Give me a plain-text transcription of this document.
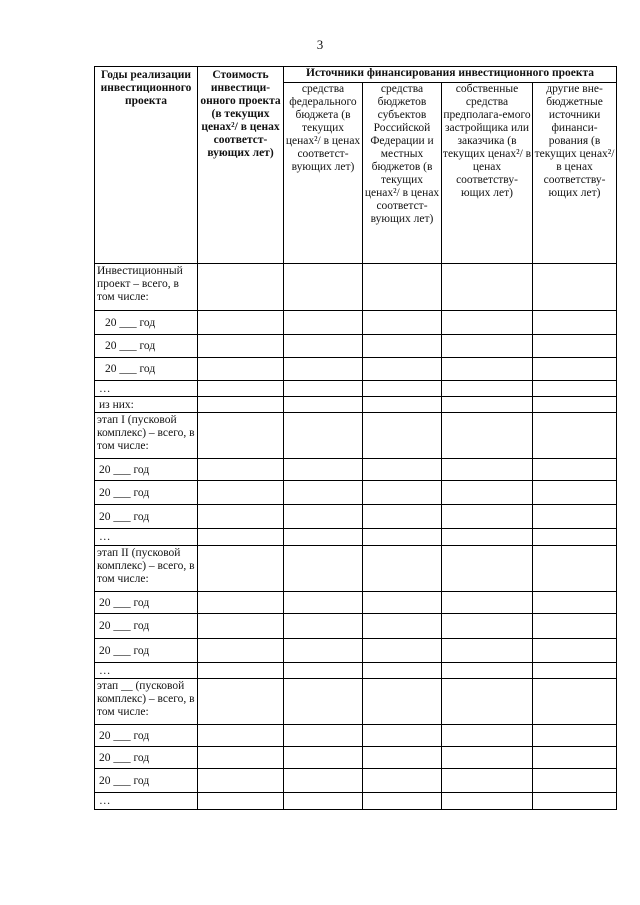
3
Годы реализации инвестиционного проекта	Стоимость инвестици-онного проекта (в текущих ценах²/ в ценах соответст-вующих лет)	Источники финансирования инвестиционного проекта			
		средства федерального бюджета (в текущих ценах²/ в ценах соответст-вующих лет)	средства бюджетов субъектов Российской Федерации и местных бюджетов (в текущих ценах²/ в ценах соответст-вующих лет)	собственные средства предполага-емого застройщика или заказчика (в текущих ценах²/ в ценах соответству-ющих лет)	другие вне-бюджетные источники финанси-рования (в текущих ценах²/ в ценах соответству-ющих лет)
Инвестиционный проект – всего, в том числе:					
20 ___ год					
20 ___ год					
20 ___ год					
…					
из них:					
этап I (пусковой комплекс) – всего, в том числе:					
20 ___ год					
20 ___ год					
20 ___ год					
…					
этап II (пусковой комплекс) – всего, в том числе:					
20 ___ год					
20 ___ год					
20 ___ год					
…					
этап __ (пусковой комплекс) – всего, в том числе:					
20 ___ год					
20 ___ год					
20 ___ год					
…					
